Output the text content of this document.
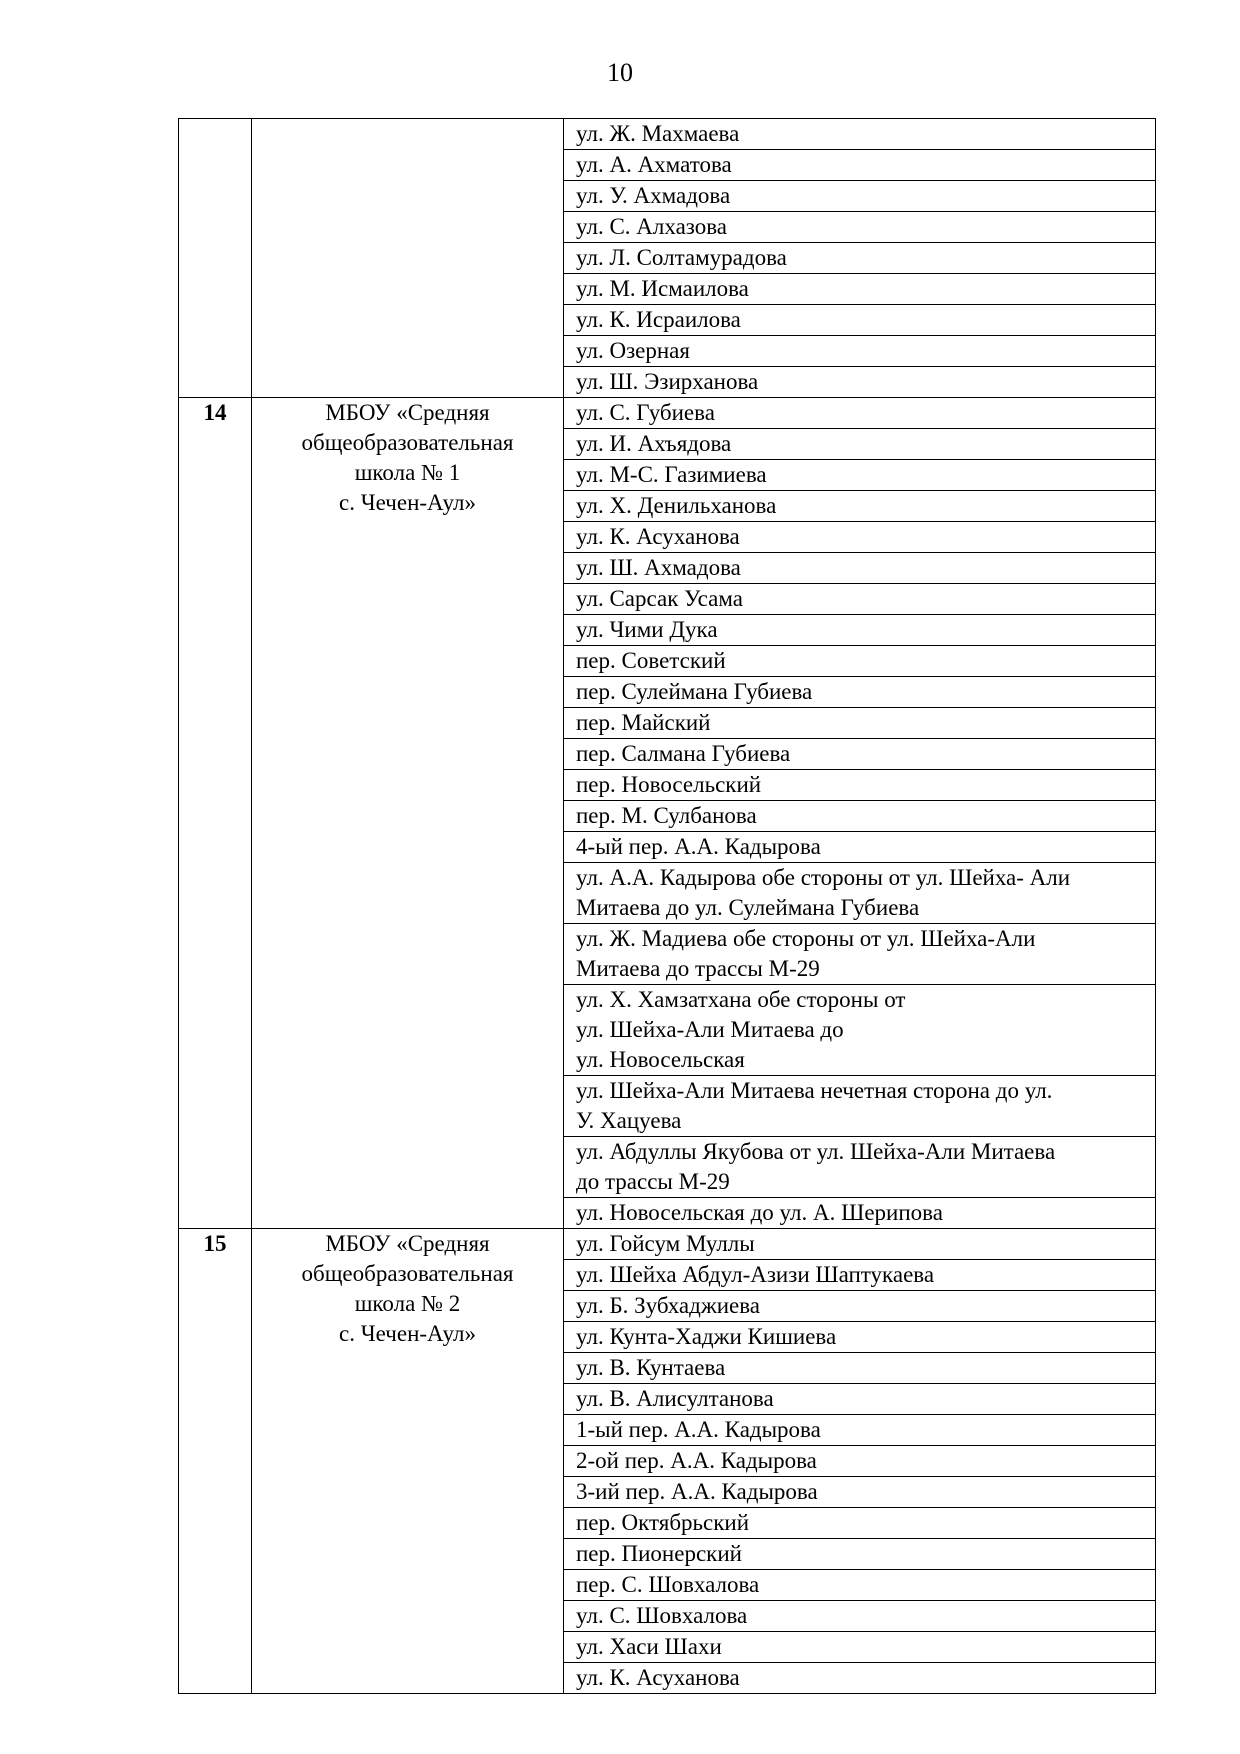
10

		ул. Ж. Махмаева

		ул. А. Ахматова

		ул. У. Ахмадова

		ул. С. Алхазова

		ул. Л. Солтамурадова

		ул. М. Исмаилова

		ул. К. Исраилова

		ул. Озерная

		ул. Ш. Эзирханова

14	МБОУ «Средняя
общеобразовательная
школа № 1
с. Чечен-Аул»	ул. С. Губиева

		ул. И. Ахъядова

		ул. М-С. Газимиева

		ул. Х. Денильханова

		ул. К. Асуханова

		ул. Ш. Ахмадова

		ул. Сарсак Усама

		ул. Чими Дука

		пер. Советский

		пер. Сулеймана Губиева

		пер. Майский

		пер. Салмана Губиева

		пер. Новосельский

		пер. М. Сулбанова

		4-ый пер. А.А. Кадырова

		ул. А.А. Кадырова обе стороны от ул. Шейха- Али
Митаева до ул. Сулеймана Губиева

		ул. Ж. Мадиева обе стороны от ул. Шейха-Али
Митаева до трассы М-29

		ул. Х. Хамзатхана обе стороны от
ул. Шейха-Али Митаева до
ул. Новосельская

		ул. Шейха-Али Митаева нечетная сторона до ул.
У. Хацуева

		ул. Абдуллы Якубова от ул. Шейха-Али Митаева
до трассы М-29

		ул. Новосельская до ул. А. Шерипова

15	МБОУ «Средняя
общеобразовательная
школа № 2
с. Чечен-Аул»	ул. Гойсум Муллы

		ул. Шейха Абдул-Азизи Шаптукаева

		ул. Б. Зубхаджиева

		ул. Кунта-Хаджи Кишиева

		ул. В. Кунтаева

		ул. В. Алисултанова

		1-ый пер. А.А. Кадырова

		2-ой пер. А.А. Кадырова

		3-ий пер. А.А. Кадырова

		пер. Октябрьский

		пер. Пионерский

		пер. С. Шовхалова

		ул. С. Шовхалова

		ул. Хаси Шахи

		ул. К. Асуханова
